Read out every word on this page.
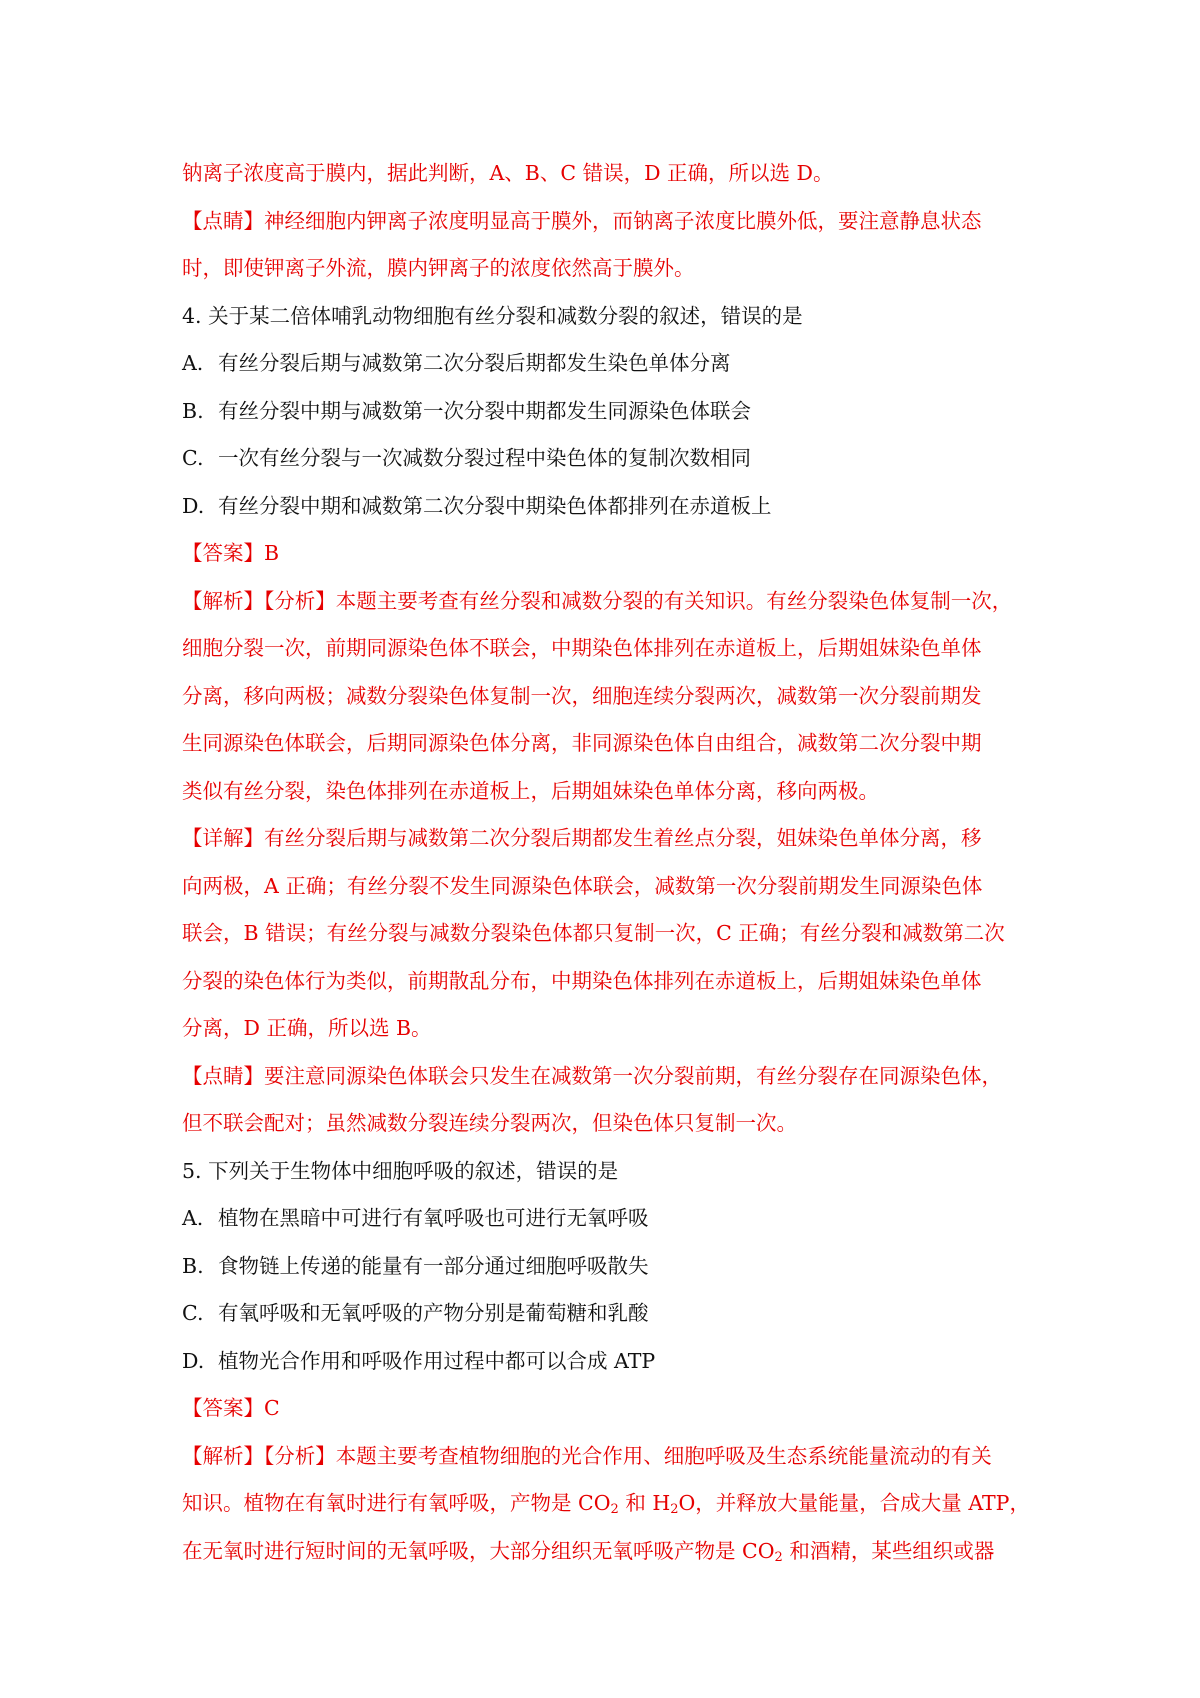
钠离子浓度高于膜内，据此判断，A、B、C 错误，D 正确，所以选 D。
【点睛】神经细胞内钾离子浓度明显高于膜外，而钠离子浓度比膜外低，要注意静息状态
时，即使钾离子外流，膜内钾离子的浓度依然高于膜外。
4. 关于某二倍体哺乳动物细胞有丝分裂和减数分裂的叙述，错误的是
A. 有丝分裂后期与减数第二次分裂后期都发生染色单体分离
B. 有丝分裂中期与减数第一次分裂中期都发生同源染色体联会
C. 一次有丝分裂与一次减数分裂过程中染色体的复制次数相同
D. 有丝分裂中期和减数第二次分裂中期染色体都排列在赤道板上
【答案】B
【解析】【分析】本题主要考查有丝分裂和减数分裂的有关知识。有丝分裂染色体复制一次，
细胞分裂一次，前期同源染色体不联会，中期染色体排列在赤道板上，后期姐妹染色单体
分离，移向两极；减数分裂染色体复制一次，细胞连续分裂两次，减数第一次分裂前期发
生同源染色体联会，后期同源染色体分离，非同源染色体自由组合，减数第二次分裂中期
类似有丝分裂，染色体排列在赤道板上，后期姐妹染色单体分离，移向两极。
【详解】有丝分裂后期与减数第二次分裂后期都发生着丝点分裂，姐妹染色单体分离，移
向两极，A 正确；有丝分裂不发生同源染色体联会，减数第一次分裂前期发生同源染色体
联会，B 错误；有丝分裂与减数分裂染色体都只复制一次，C 正确；有丝分裂和减数第二次
分裂的染色体行为类似，前期散乱分布，中期染色体排列在赤道板上，后期姐妹染色单体
分离，D 正确，所以选 B。
【点睛】要注意同源染色体联会只发生在减数第一次分裂前期，有丝分裂存在同源染色体，
但不联会配对；虽然减数分裂连续分裂两次，但染色体只复制一次。
5. 下列关于生物体中细胞呼吸的叙述，错误的是
A. 植物在黑暗中可进行有氧呼吸也可进行无氧呼吸
B. 食物链上传递的能量有一部分通过细胞呼吸散失
C. 有氧呼吸和无氧呼吸的产物分别是葡萄糖和乳酸
D. 植物光合作用和呼吸作用过程中都可以合成 ATP
【答案】C
【解析】【分析】本题主要考查植物细胞的光合作用、细胞呼吸及生态系统能量流动的有关
知识。植物在有氧时进行有氧呼吸，产物是 $CO_2$ 和 $H_2O$，并释放大量能量，合成大量 ATP，
在无氧时进行短时间的无氧呼吸，大部分组织无氧呼吸产物是 $CO_2$ 和酒精，某些组织或器
